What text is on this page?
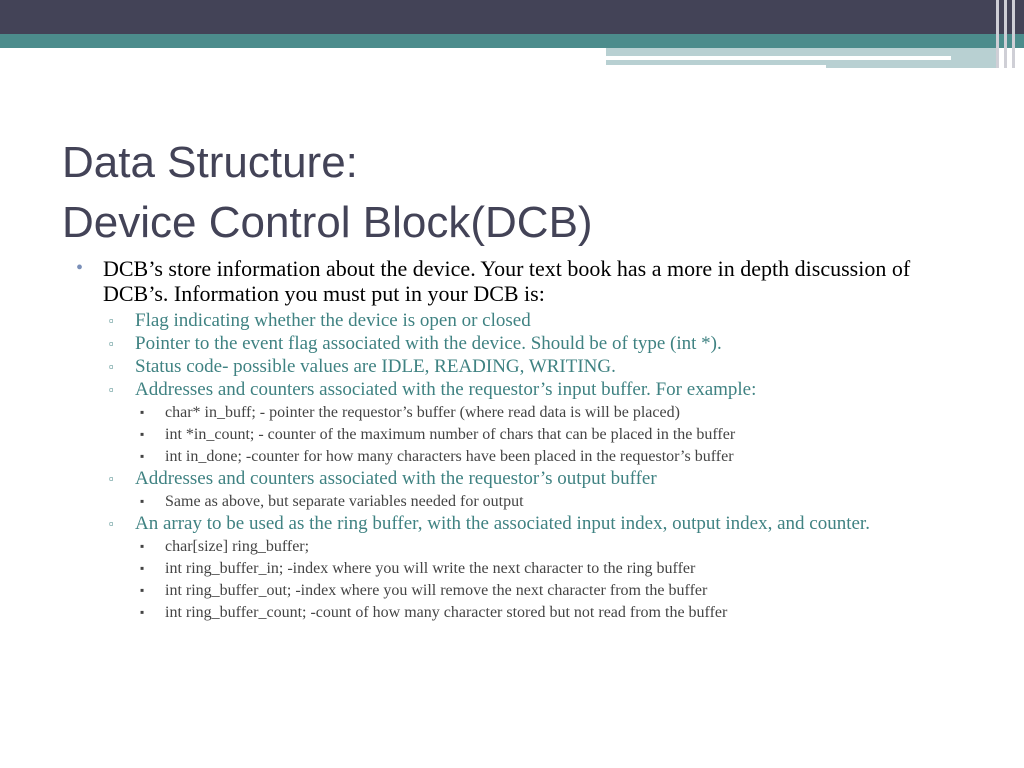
Data Structure:
Device Control Block(DCB)
• DCB’s store information about the device. Your text book has a more in depth discussion of DCB’s. Information you must put in your DCB is:
▫ Flag indicating whether the device is open or closed
▫ Pointer to the event flag associated with the device. Should be of type (int *).
▫ Status code- possible values are IDLE, READING, WRITING.
▫ Addresses and counters associated with the requestor’s input buffer. For example:
▪ char* in_buff; - pointer the requestor’s buffer (where read data is will be placed)
▪ int *in_count; - counter of the maximum number of chars that can be placed in the buffer
▪ int in_done; -counter for how many characters have been placed in the requestor’s buffer
▫ Addresses and counters associated with the requestor’s output buffer
▪ Same as above, but separate variables needed for output
▫ An array to be used as the ring buffer, with the associated input index, output index, and counter.
▪ char[size] ring_buffer;
▪ int ring_buffer_in; -index where you will write the next character to the ring buffer
▪ int ring_buffer_out; -index where you will remove the next character from the buffer
▪ int ring_buffer_count; -count of how many character stored but not read from the buffer
